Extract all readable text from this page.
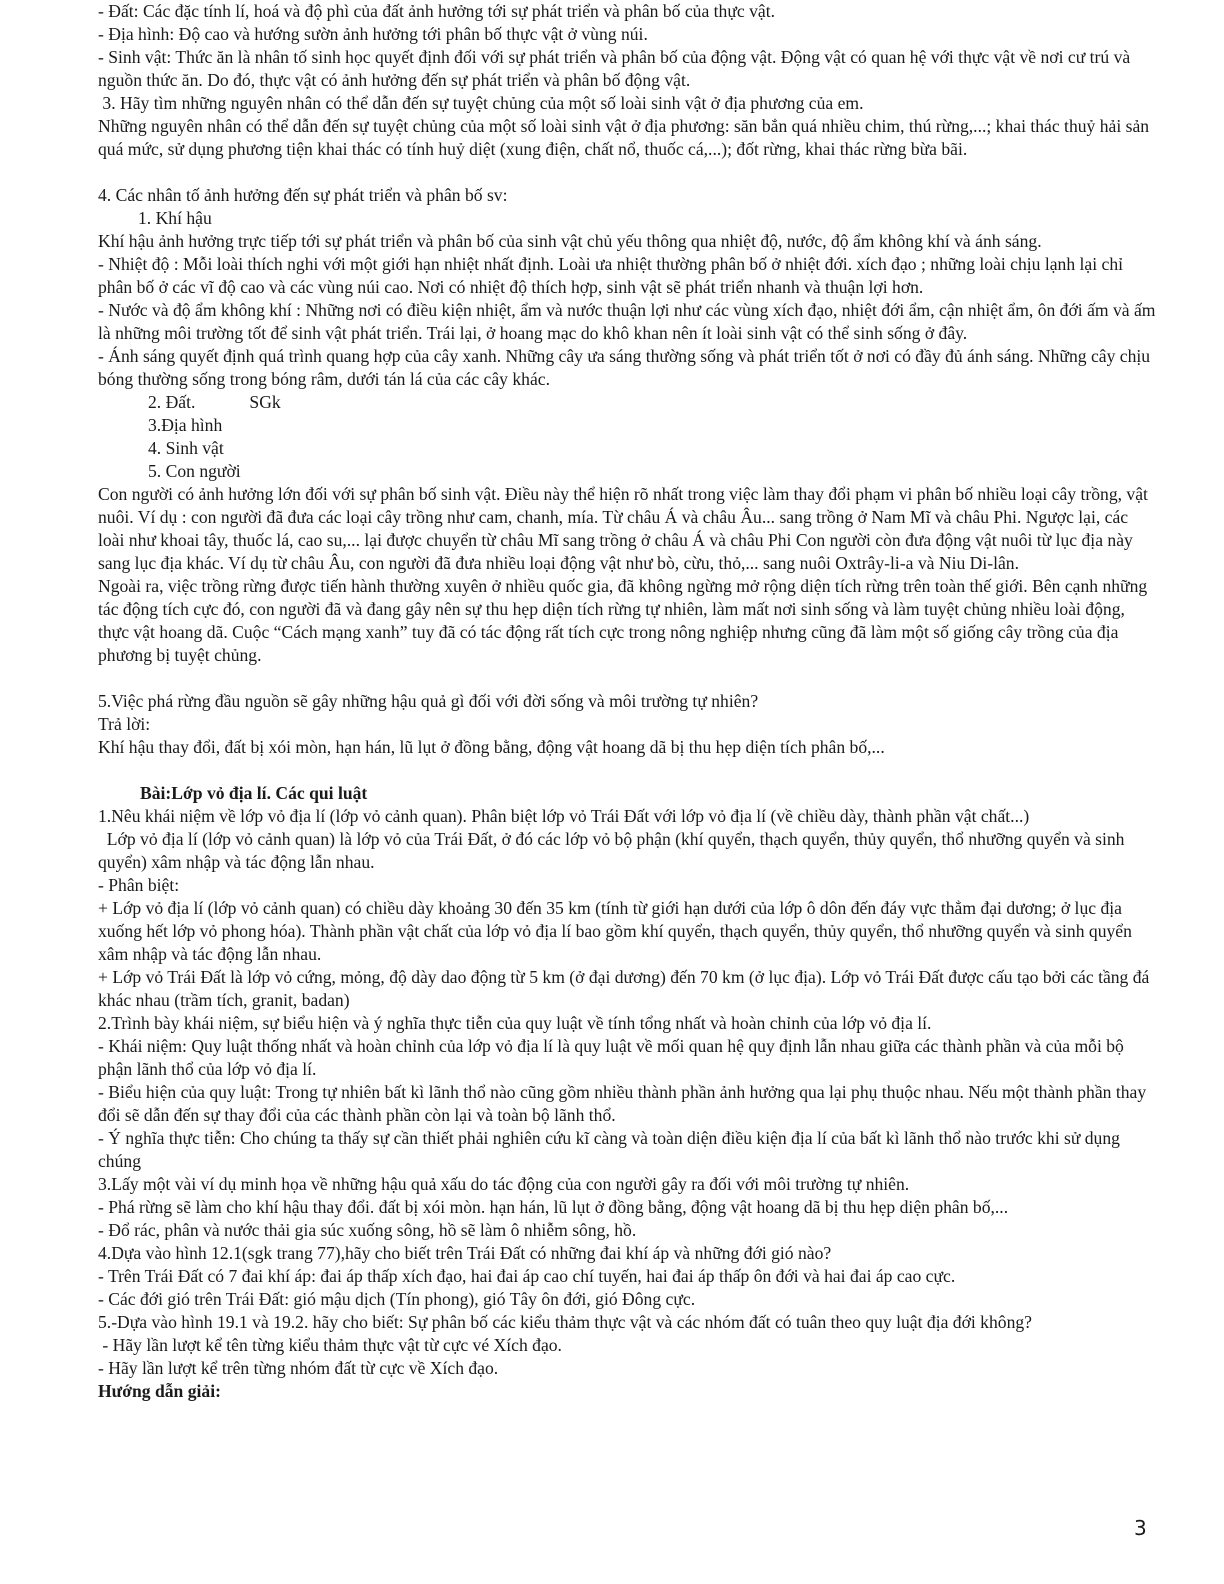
- Đất: Các đặc tính lí, hoá và độ phì của đất ảnh hưởng tới sự phát triển và phân bố của thực vật.
- Địa hình: Độ cao và hướng sườn ảnh hưởng tới phân bố thực vật ở vùng núi.
- Sinh vật: Thức ăn là nhân tố sinh học quyết định đối với sự phát triển và phân bố của động vật. Động vật có quan hệ với thực vật về nơi cư trú và nguồn thức ăn. Do đó, thực vật có ảnh hưởng đến sự phát triển và phân bố động vật.
3. Hãy tìm những nguyên nhân có thể dẫn đến sự tuyệt chủng của một số loài sinh vật ở địa phương của em.
Những nguyên nhân có thể dẫn đến sự tuyệt chủng của một số loài sinh vật ở địa phương: săn bắn quá nhiều chim, thú rừng,...; khai thác thuỷ hải sản quá mức, sử dụng phương tiện khai thác có tính huỷ diệt (xung điện, chất nổ, thuốc cá,...); đốt rừng, khai thác rừng bừa bãi.
4. Các nhân tố ảnh hưởng đến sự phát triển và phân bố sv:
1. Khí hậu
Khí hậu ảnh hưởng trực tiếp tới sự phát triển và phân bố của sinh vật chủ yếu thông qua nhiệt độ, nước, độ ẩm không khí và ánh sáng.
- Nhiệt độ : Mỗi loài thích nghi với một giới hạn nhiệt nhất định. Loài ưa nhiệt thường phân bố ở nhiệt đới. xích đạo ; những loài chịu lạnh lại chỉ phân bố ở các vĩ độ cao và các vùng núi cao. Nơi có nhiệt độ thích hợp, sinh vật sẽ phát triển nhanh và thuận lợi hơn.
- Nước và độ ẩm không khí : Những nơi có điều kiện nhiệt, ẩm và nước thuận lợi như các vùng xích đạo, nhiệt đới ẩm, cận nhiệt ẩm, ôn đới ấm và ấm là những môi trường tốt để sinh vật phát triển. Trái lại, ở hoang mạc do khô khan nên ít loài sinh vật có thể sinh sống ở đây.
- Ánh sáng quyết định quá trình quang hợp của cây xanh. Những cây ưa sáng thường sống và phát triển tốt ở nơi có đầy đủ ánh sáng. Những cây chịu bóng thường sống trong bóng râm, dưới tán lá của các cây khác.
2. Đất.	SGk
3.Địa hình
4. Sinh vật
5. Con người
Con người có ảnh hưởng lớn đối với sự phân bố sinh vật. Điều này thể hiện rõ nhất trong việc làm thay đổi phạm vi phân bố nhiều loại cây trồng, vật nuôi. Ví dụ : con người đã đưa các loại cây trồng như cam, chanh, mía. Từ châu Á và châu Âu... sang trồng ở Nam Mĩ và châu Phi. Ngược lại, các loài như khoai tây, thuốc lá, cao su,... lại được chuyển từ châu Mĩ sang trồng ở châu Á và châu Phi Con người còn đưa động vật nuôi từ lục địa này sang lục địa khác. Ví dụ từ châu Âu, con người đã đưa nhiều loại động vật như bò, cừu, thỏ,... sang nuôi Oxtrây-li-a và Niu Di-lân.
Ngoài ra, việc trồng rừng được tiến hành thường xuyên ở nhiều quốc gia, đã không ngừng mở rộng diện tích rừng trên toàn thế giới. Bên cạnh những tác động tích cực đó, con người đã và đang gây nên sự thu hẹp diện tích rừng tự nhiên, làm mất nơi sinh sống và làm tuyệt chủng nhiều loài động, thực vật hoang dã. Cuộc “Cách mạng xanh” tuy đã có tác động rất tích cực trong nông nghiệp nhưng cũng đã làm một số giống cây trồng của địa phương bị tuyệt chủng.
5.Việc phá rừng đầu nguồn sẽ gây những hậu quả gì đối với đời sống và môi trường tự nhiên?
Trả lời:
Khí hậu thay đổi, đất bị xói mòn, hạn hán, lũ lụt ở đồng bằng, động vật hoang dã bị thu hẹp diện tích phân bố,...
Bài:Lớp vỏ địa lí. Các qui luật
1.Nêu khái niệm về lớp vỏ địa lí (lớp vỏ cảnh quan). Phân biệt lớp vỏ Trái Đất với lớp vỏ địa lí (về chiều dày, thành phần vật chất...)
Lớp vỏ địa lí (lớp vỏ cảnh quan) là lớp vỏ của Trái Đất, ở đó các lớp vỏ bộ phận (khí quyển, thạch quyển, thủy quyển, thổ nhưỡng quyển và sinh quyển) xâm nhập và tác động lẫn nhau.
- Phân biệt:
+ Lớp vỏ địa lí (lớp vỏ cảnh quan) có chiều dày khoảng 30 đến 35 km (tính từ giới hạn dưới của lớp ô dôn đến đáy vực thẳm đại dương; ở lục địa xuống hết lớp vỏ phong hóa). Thành phần vật chất của lớp vỏ địa lí bao gồm khí quyển, thạch quyển, thủy quyển, thổ nhưỡng quyển và sinh quyển xâm nhập và tác động lẫn nhau.
+ Lớp vỏ Trái Đất là lớp vỏ cứng, mỏng, độ dày dao động từ 5 km (ở đại dương) đến 70 km (ở lục địa). Lớp vỏ Trái Đất được cấu tạo bởi các tầng đá khác nhau (trầm tích, granit, badan)
2.Trình bày khái niệm, sự biểu hiện và ý nghĩa thực tiễn của quy luật về tính tổng nhất và hoàn chỉnh của lớp vỏ địa lí.
- Khái niệm: Quy luật thống nhất và hoàn chỉnh của lớp vỏ địa lí là quy luật về mối quan hệ quy định lẫn nhau giữa các thành phần và của mỗi bộ phận lãnh thổ của lớp vỏ địa lí.
- Biểu hiện của quy luật: Trong tự nhiên bất kì lãnh thổ nào cũng gồm nhiều thành phần ảnh hưởng qua lại phụ thuộc nhau. Nếu một thành phần thay đổi sẽ dẫn đến sự thay đổi của các thành phần còn lại và toàn bộ lãnh thổ.
- Ý nghĩa thực tiễn: Cho chúng ta thấy sự cần thiết phải nghiên cứu kĩ càng và toàn diện điều kiện địa lí của bất kì lãnh thổ nào trước khi sử dụng chúng
3.Lấy một vài ví dụ minh họa về những hậu quả xấu do tác động của con người gây ra đối với môi trường tự nhiên.
- Phá rừng sẽ làm cho khí hậu thay đổi. đất bị xói mòn. hạn hán, lũ lụt ở đồng bằng, động vật hoang dã bị thu hẹp diện phân bố,...
- Đổ rác, phân và nước thải gia súc xuống sông, hồ sẽ làm ô nhiễm sông, hồ.
4.Dựa vào hình 12.1(sgk trang 77),hãy cho biết trên Trái Đất có những đai khí áp và những đới gió nào?
- Trên Trái Đất có 7 đai khí áp: đai áp thấp xích đạo, hai đai áp cao chí tuyến, hai đai áp thấp ôn đới và hai đai áp cao cực.
- Các đới gió trên Trái Đất: gió mậu dịch (Tín phong), gió Tây ôn đới, gió Đông cực.
5.-Dựa vào hình 19.1 và 19.2. hãy cho biết: Sự phân bố các kiểu thảm thực vật và các nhóm đất có tuân theo quy luật địa đới không?
- Hãy lần lượt kể tên từng kiểu thảm thực vật từ cực vé Xích đạo.
- Hãy lần lượt kể trên từng nhóm đất từ cực về Xích đạo.
Hướng dẫn giải:
3
